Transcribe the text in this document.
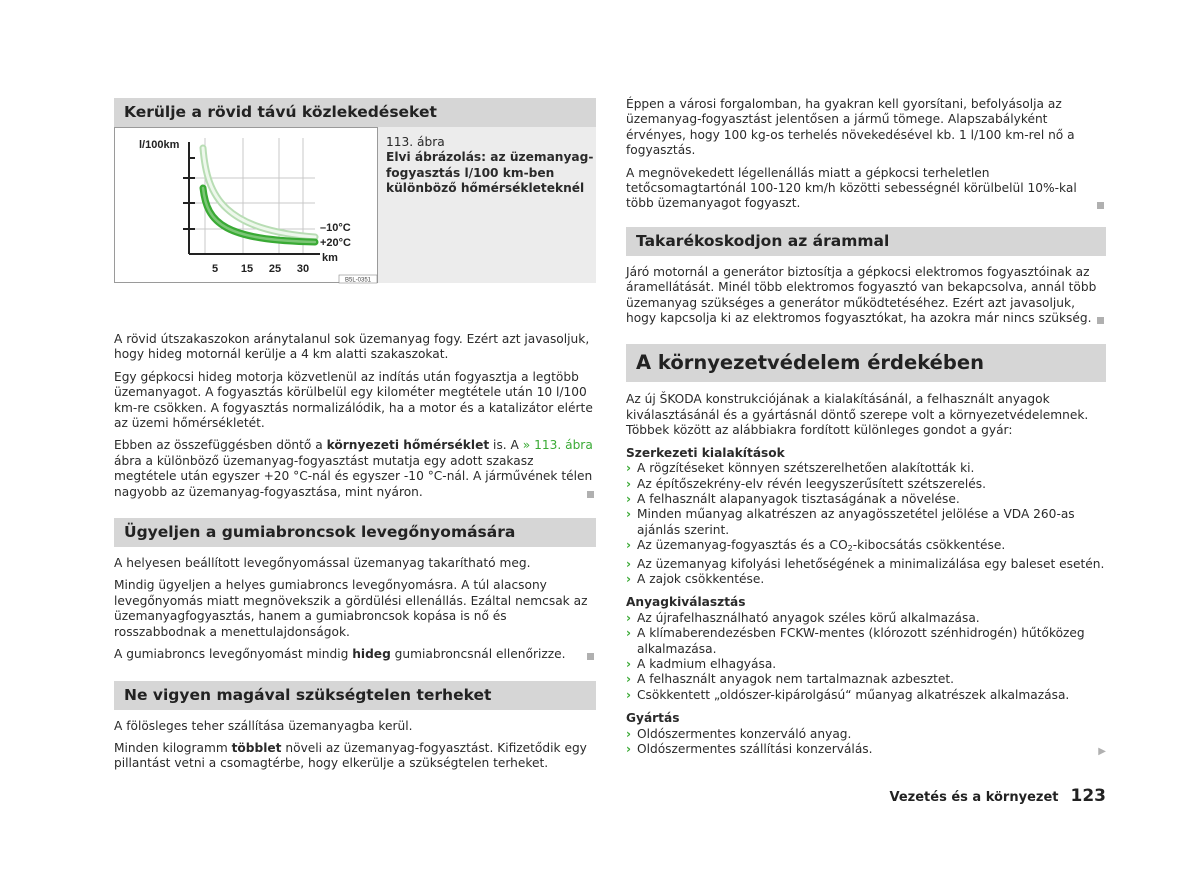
Kerülje a rövid távú közlekedéseket
l/100km
km
–10°C
+20°C
5 15 25 30
B5L-0351
113. ábra
Elvi ábrázolás: az üzemanyag-fogyasztás l/100 km-ben különböző hőmérsékleteknél

A rövid útszakaszokon aránytalanul sok üzemanyag fogy. Ezért azt javasoljuk, hogy hideg motornál kerülje a 4 km alatti szakaszokat.

Egy gépkocsi hideg motorja közvetlenül az indítás után fogyasztja a legtöbb üzemanyagot. A fogyasztás körülbelül egy kilométer megtétele után 10 l/100 km-re csökken. A fogyasztás normalizálódik, ha a motor és a katalizátor elérte az üzemi hőmérsékletét.

Ebben az összefüggésben döntő a környezeti hőmérséklet is. A » 113. ábra ábra a különböző üzemanyag-fogyasztást mutatja egy adott szakasz megtétele után egyszer +20 °C-nál és egyszer -10 °C-nál. A járművének télen nagyobb az üzemanyag-fogyasztása, mint nyáron.

Ügyeljen a gumiabroncsok levegőnyomására

A helyesen beállított levegőnyomással üzemanyag takarítható meg.

Mindig ügyeljen a helyes gumiabroncs levegőnyomásra. A túl alacsony levegőnyomás miatt megnövekszik a gördülési ellenállás. Ezáltal nemcsak az üzemanyagfogyasztás, hanem a gumiabroncsok kopása is nő és rosszabbodnak a menettulajdonságok.

A gumiabroncs levegőnyomást mindig hideg gumiabroncsnál ellenőrizze.

Ne vigyen magával szükségtelen terheket

A fölösleges teher szállítása üzemanyagba kerül.

Minden kilogramm többlet növeli az üzemanyag-fogyasztást. Kifizetődik egy pillantást vetni a csomagtérbe, hogy elkerülje a szükségtelen terheket.

Éppen a városi forgalomban, ha gyakran kell gyorsítani, befolyásolja az üzemanyag-fogyasztást jelentősen a jármű tömege. Alapszabályként érvényes, hogy 100 kg-os terhelés növekedésével kb. 1 l/100 km-rel nő a fogyasztás.

A megnövekedett légellenállás miatt a gépkocsi terheletlen tetőcsomagtartónál 100-120 km/h közötti sebességnél körülbelül 10%-kal több üzemanyagot fogyaszt.

Takarékoskodjon az árammal

Járó motornál a generátor biztosítja a gépkocsi elektromos fogyasztóinak az áramellátását. Minél több elektromos fogyasztó van bekapcsolva, annál több üzemanyag szükséges a generátor működtetéséhez. Ezért azt javasoljuk, hogy kapcsolja ki az elektromos fogyasztókat, ha azokra már nincs szükség.

A környezetvédelem érdekében

Az új ŠKODA konstrukciójának a kialakításánál, a felhasznált anyagok kiválasztásánál és a gyártásnál döntő szerepe volt a környezetvédelemnek. Többek között az alábbiakra fordított különleges gondot a gyár:

Szerkezeti kialakítások
› A rögzítéseket könnyen szétszerelhetően alakították ki.
› Az építőszekrény-elv révén leegyszerűsített szétszerelés.
› A felhasznált alapanyagok tisztaságának a növelése.
› Minden műanyag alkatrészen az anyagösszetétel jelölése a VDA 260-as ajánlás szerint.
› Az üzemanyag-fogyasztás és a $CO_2$-kibocsátás csökkentése.
› Az üzemanyag kifolyási lehetőségének a minimalizálása egy baleset esetén.
› A zajok csökkentése.
Anyagkiválasztás
› Az újrafelhasználható anyagok széles körű alkalmazása.
› A klímaberendezésben FCKW-mentes (klórozott szénhidrogén) hűtőközeg alkalmazása.
› A kadmium elhagyása.
› A felhasznált anyagok nem tartalmaznak azbesztet.
› Csökkentett „oldószer-kipárolgású“ műanyag alkatrészek alkalmazása.
Gyártás
› Oldószermentes konzerváló anyag.
› Oldószermentes szállítási konzerválás.	▶
Vezetés és a környezet 123
